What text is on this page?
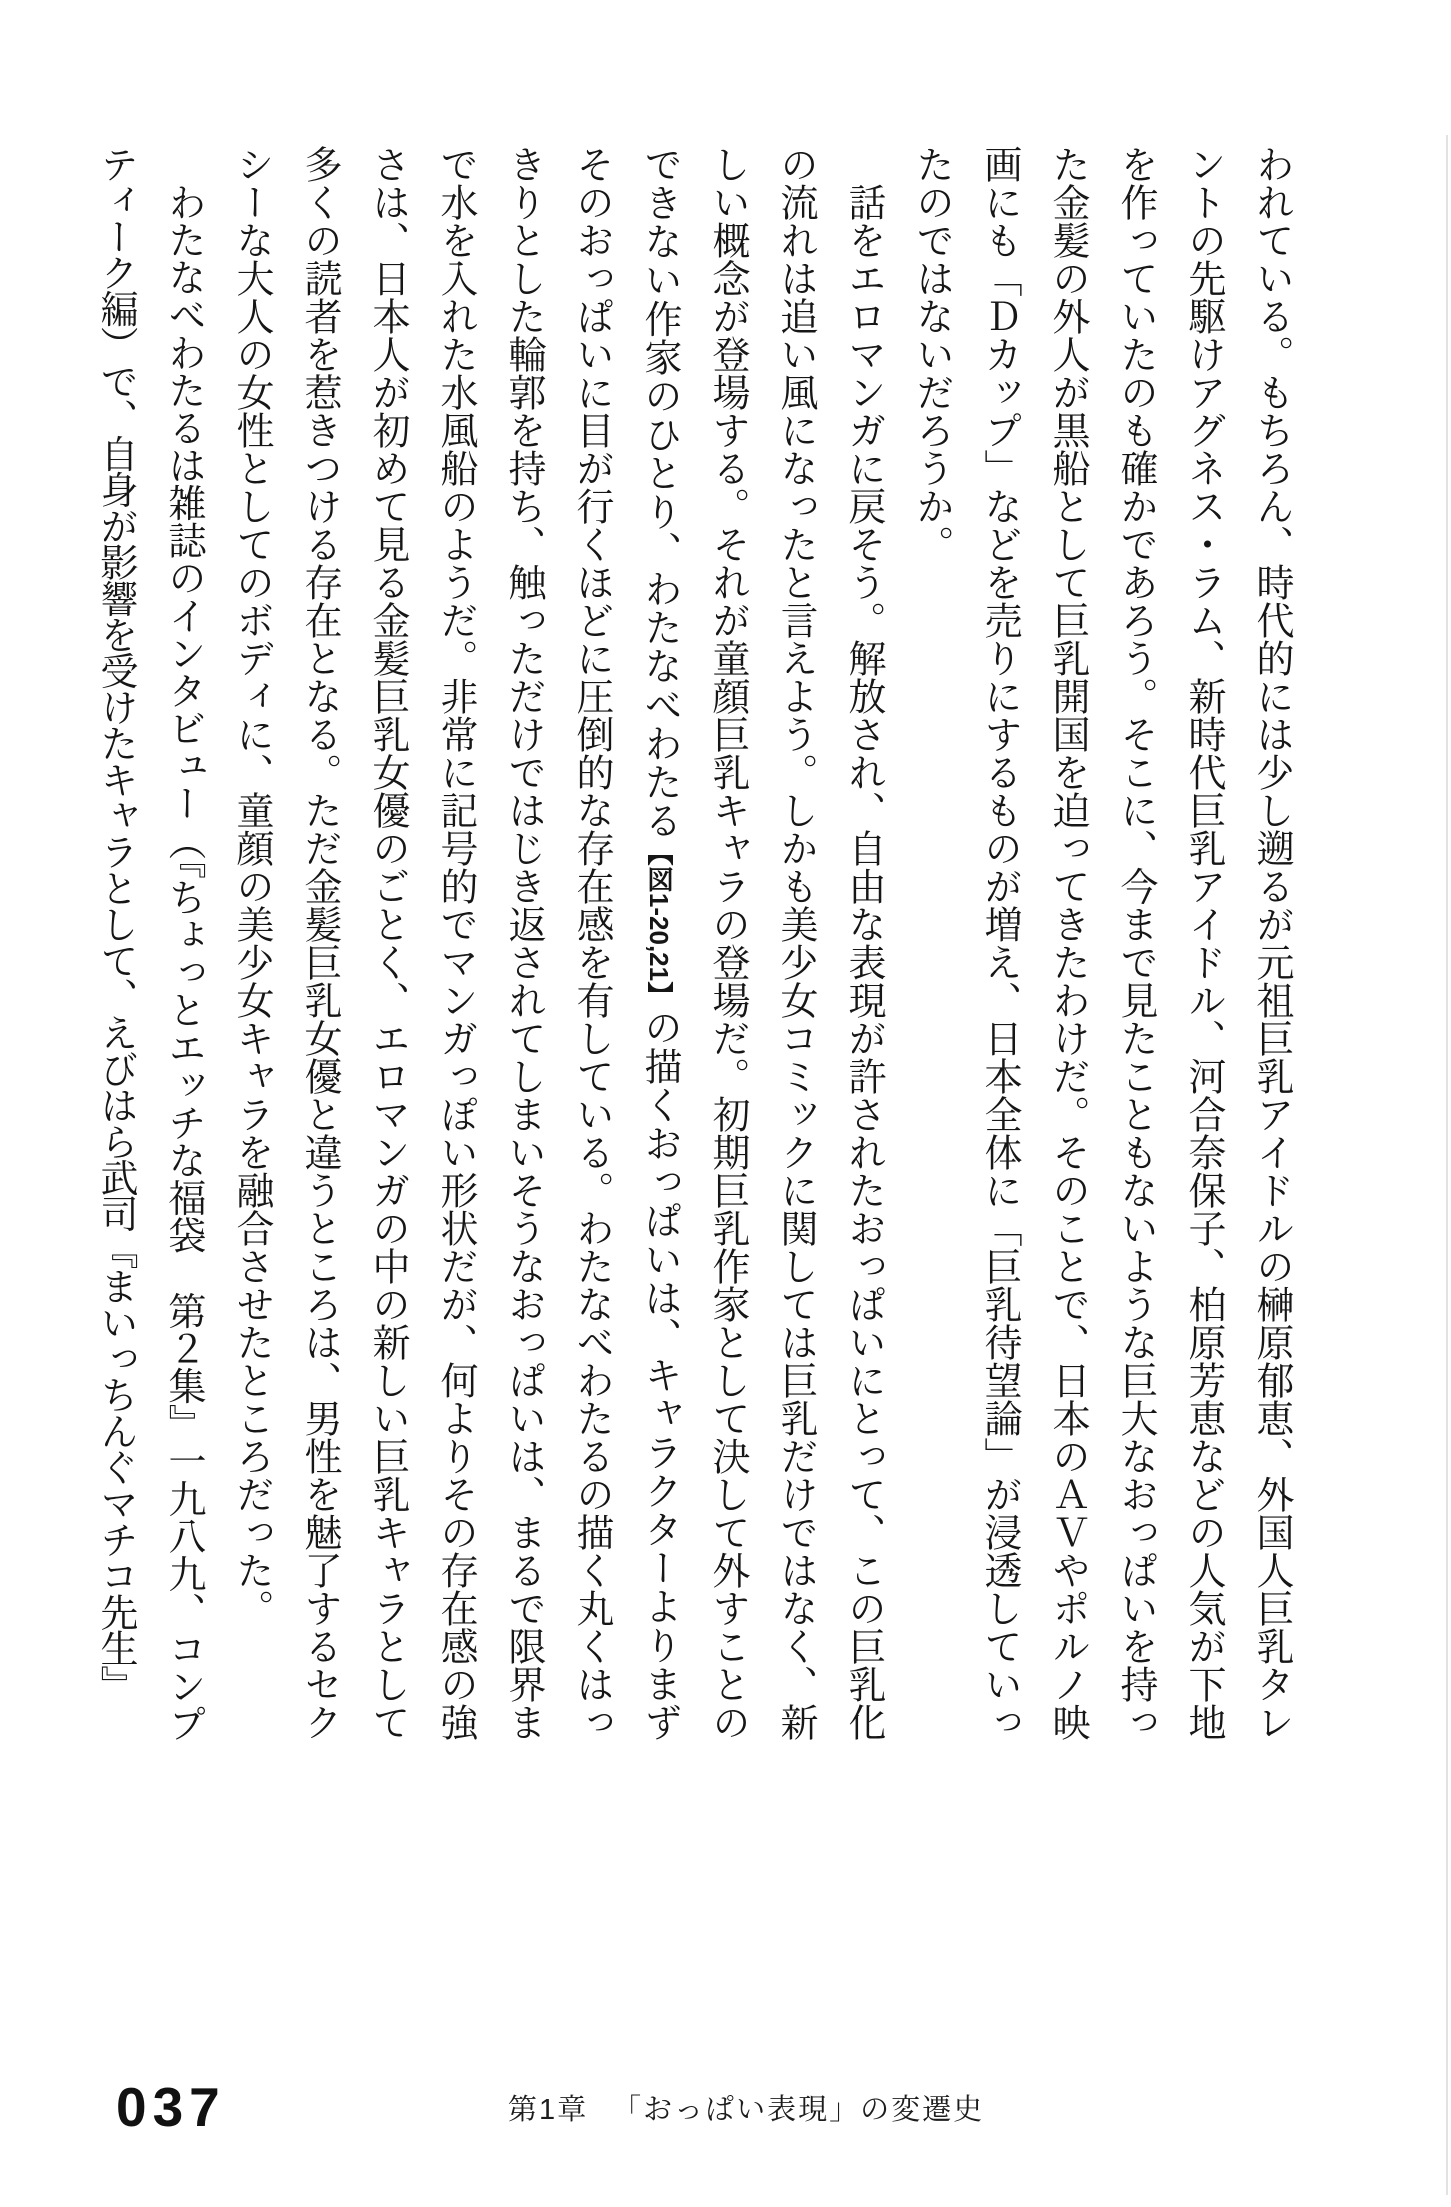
われている。もちろん、時代的には少し遡るが元祖巨乳アイドルの榊原郁恵、外国人巨乳タレントの先駆けアグネス・ラム、新時代巨乳アイドル、河合奈保子、柏原芳恵などの人気が下地を作っていたのも確かであろう。そこに、今まで見たこともないような巨大なおっぱいを持った金髪の外人が黒船として巨乳開国を迫ってきたわけだ。そのことで、日本のＡＶやポルノ映画にも「Ｄカップ」などを売りにするものが増え、日本全体に「巨乳待望論」が浸透していったのではないだろうか。

話をエロマンガに戻そう。解放され、自由な表現が許されたおっぱいにとって、この巨乳化の流れは追い風になったと言えよう。しかも美少女コミックに関しては巨乳だけではなく、新しい概念が登場する。それが童顔巨乳キャラの登場だ。初期巨乳作家として決して外すことのできない作家のひとり、わたなべわたる【図1-20,21】の描くおっぱいは、キャラクターよりまずそのおっぱいに目が行くほどに圧倒的な存在感を有している。わたなべわたるの描く丸くはっきりとした輪郭を持ち、触っただけではじき返されてしまいそうなおっぱいは、まるで限界まで水を入れた水風船のようだ。非常に記号的でマンガっぽい形状だが、何よりその存在感の強さは、日本人が初めて見る金髪巨乳女優のごとく、エロマンガの中の新しい巨乳キャラとして多くの読者を惹きつける存在となる。ただ金髪巨乳女優と違うところは、男性を魅了するセクシーな大人の女性としてのボディに、童顔の美少女キャラを融合させたところだった。

わたなべわたるは雑誌のインタビュー（『ちょっとエッチな福袋　第２集』一九八九、コンプティーク編）で、自身が影響を受けたキャラとして、えびはら武司『まいっちんぐマチコ先生』

037	第1章 「おっぱい表現」の変遷史
